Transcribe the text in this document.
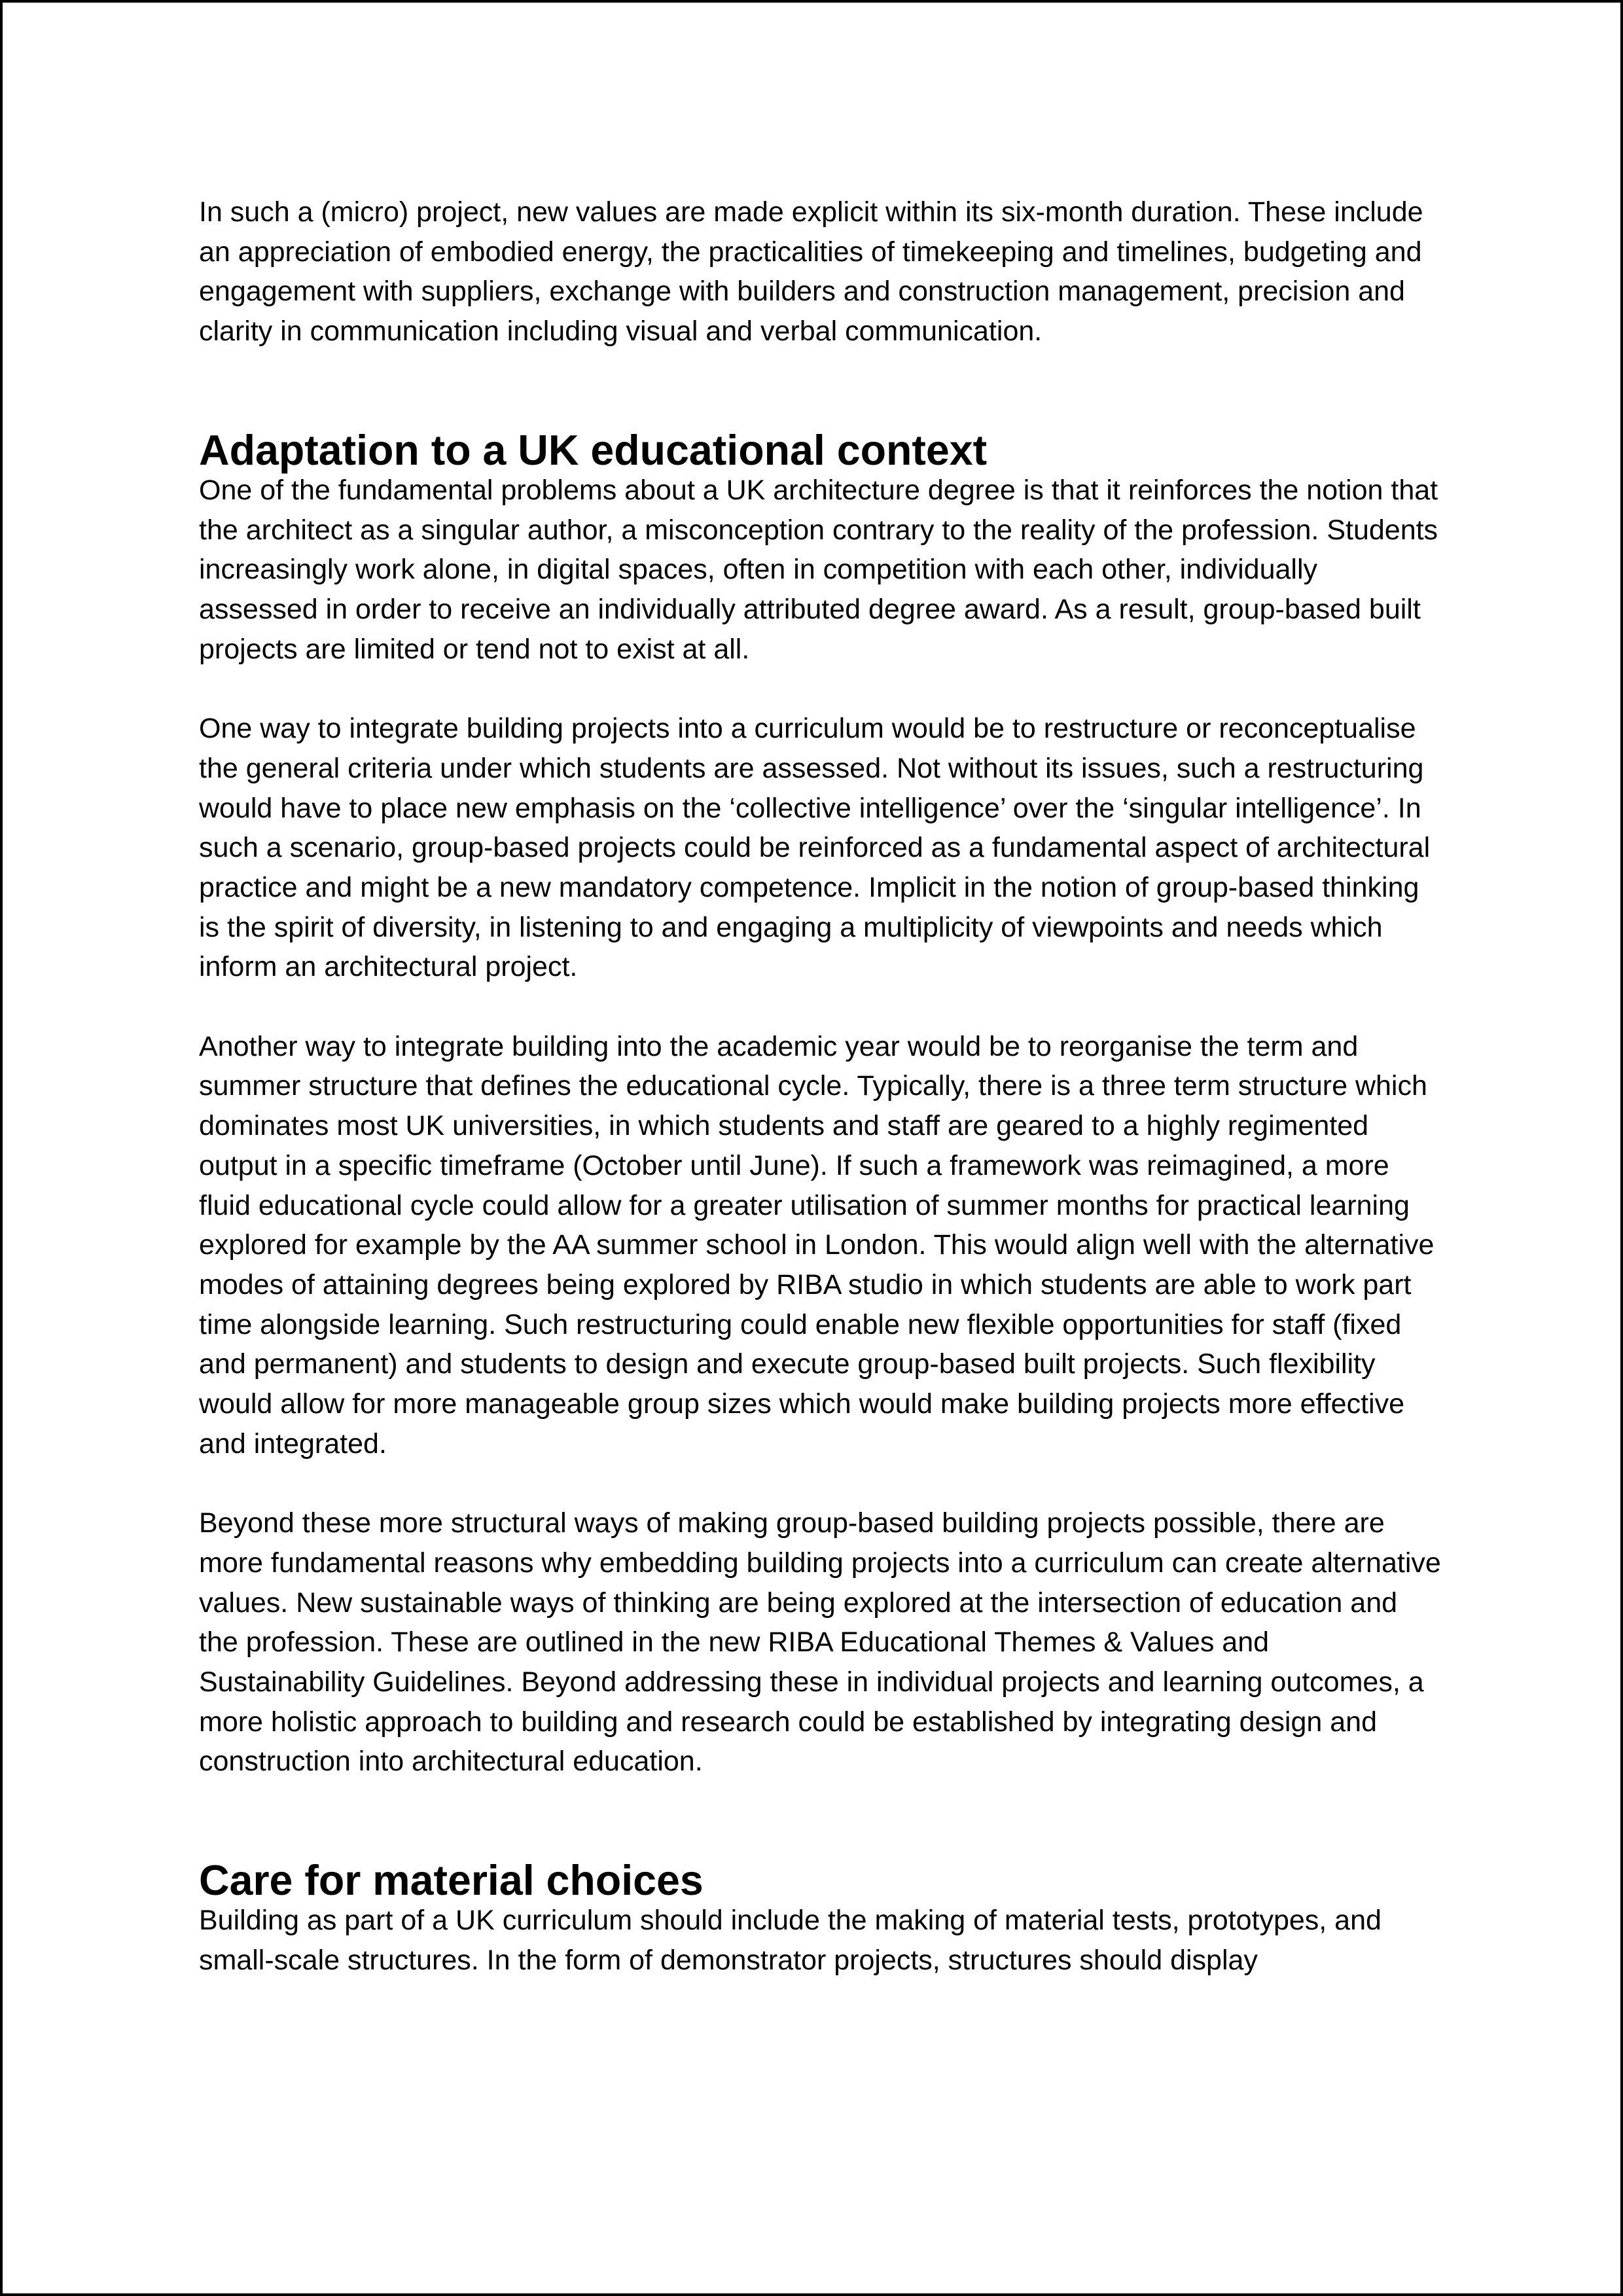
In such a (micro) project, new values are made explicit within its six-month duration. These include an appreciation of embodied energy, the practicalities of timekeeping and timelines, budgeting and engagement with suppliers, exchange with builders and construction management, precision and clarity in communication including visual and verbal communication.

Adaptation to a UK educational context

One of the fundamental problems about a UK architecture degree is that it reinforces the notion that the architect as a singular author, a misconception contrary to the reality of the profession. Students increasingly work alone, in digital spaces, often in competition with each other, individually assessed in order to receive an individually attributed degree award. As a result, group-based built projects are limited or tend not to exist at all.

One way to integrate building projects into a curriculum would be to restructure or reconceptualise the general criteria under which students are assessed. Not without its issues, such a restructuring would have to place new emphasis on the ‘collective intelligence’ over the ‘singular intelligence’. In such a scenario, group-based projects could be reinforced as a fundamental aspect of architectural practice and might be a new mandatory competence. Implicit in the notion of group-based thinking is the spirit of diversity, in listening to and engaging a multiplicity of viewpoints and needs which inform an architectural project.

Another way to integrate building into the academic year would be to reorganise the term and summer structure that defines the educational cycle. Typically, there is a three term structure which dominates most UK universities, in which students and staff are geared to a highly regimented output in a specific timeframe (October until June). If such a framework was reimagined, a more fluid educational cycle could allow for a greater utilisation of summer months for practical learning explored for example by the AA summer school in London. This would align well with the alternative modes of attaining degrees being explored by RIBA studio in which students are able to work part time alongside learning. Such restructuring could enable new flexible opportunities for staff (fixed and permanent) and students to design and execute group-based built projects. Such flexibility would allow for more manageable group sizes which would make building projects more effective and integrated.

Beyond these more structural ways of making group-based building projects possible, there are more fundamental reasons why embedding building projects into a curriculum can create alternative values. New sustainable ways of thinking are being explored at the intersection of education and the profession. These are outlined in the new RIBA Educational Themes & Values and Sustainability Guidelines. Beyond addressing these in individual projects and learning outcomes, a more holistic approach to building and research could be established by integrating design and construction into architectural education.

Care for material choices

Building as part of a UK curriculum should include the making of material tests, prototypes, and small-scale structures. In the form of demonstrator projects, structures should display
